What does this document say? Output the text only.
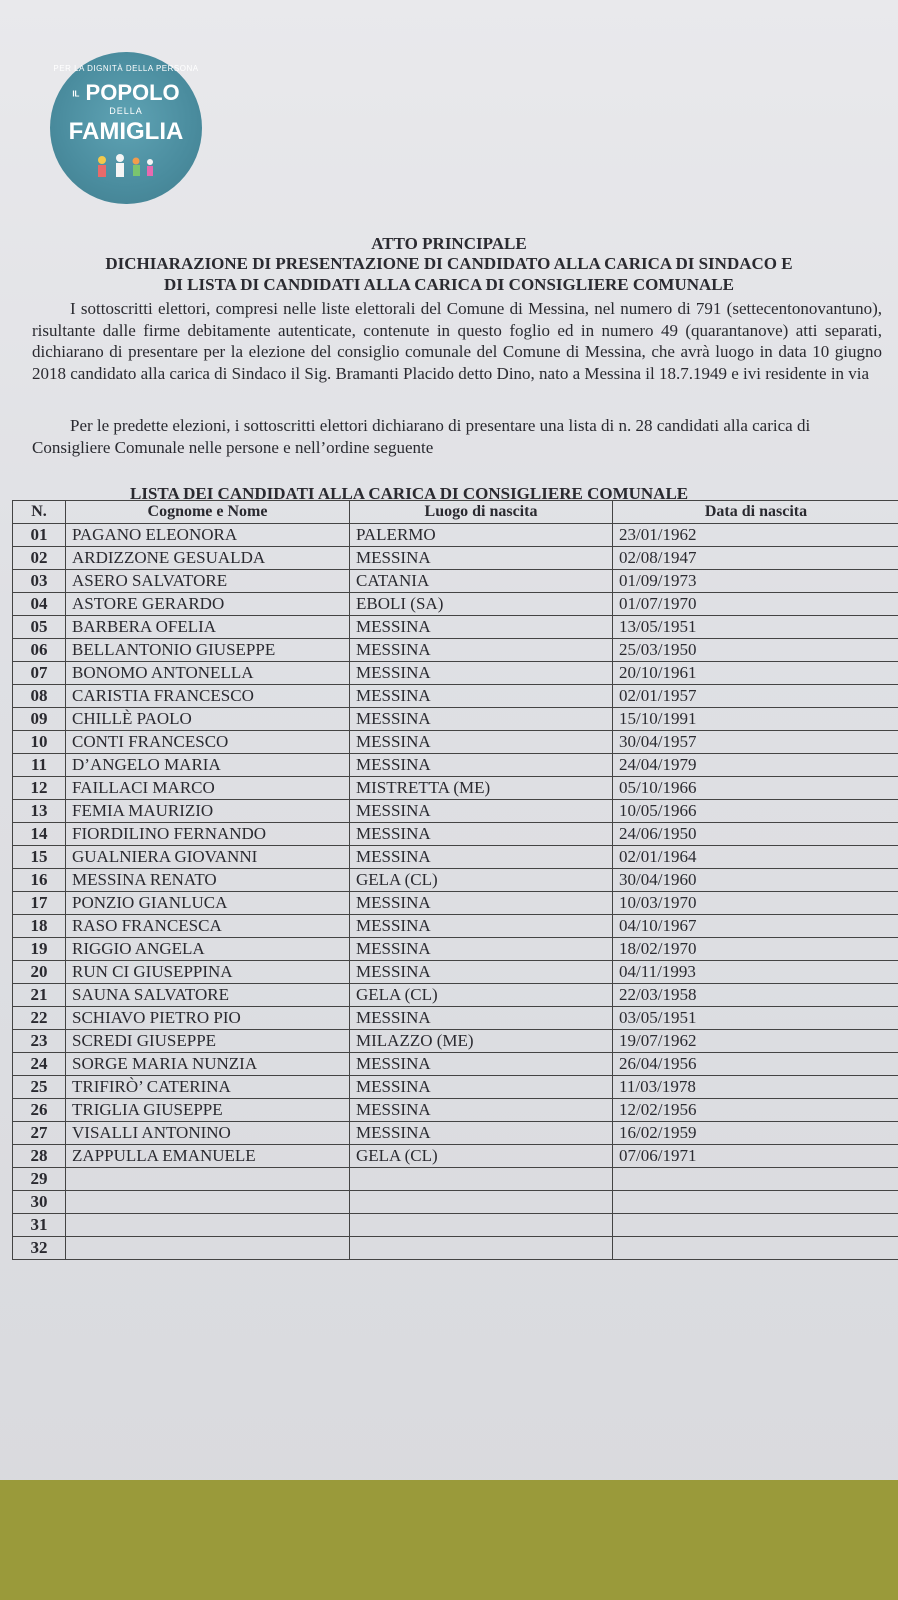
PER LA DIGNITÀ DELLA PERSONA
IL POPOLO
DELLA
FAMIGLIA
ATTO PRINCIPALE
DICHIARAZIONE DI PRESENTAZIONE DI CANDIDATO ALLA CARICA DI SINDACO E
DI LISTA DI CANDIDATI ALLA CARICA DI CONSIGLIERE COMUNALE
I sottoscritti elettori, compresi nelle liste elettorali del Comune di Messina, nel numero di 791 (settecentonovantuno), risultante dalle firme debitamente autenticate, contenute in questo foglio ed in numero 49 (quarantanove) atti separati, dichiarano di presentare per la elezione del consiglio comunale del Comune di Messina, che avrà luogo in data 10 giugno 2018 candidato alla carica di Sindaco il Sig. Bramanti Placido detto Dino, nato a Messina il 18.7.1949 e ivi residente in via
Per le predette elezioni, i sottoscritti elettori dichiarano di presentare una lista di n. 28 candidati alla carica di Consigliere Comunale nelle persone e nell’ordine seguente
LISTA DEI CANDIDATI ALLA CARICA DI CONSIGLIERE COMUNALE
N.	Cognome e Nome	Luogo di nascita	Data di nascita
01	PAGANO ELEONORA	PALERMO	23/01/1962
02	ARDIZZONE GESUALDA	MESSINA	02/08/1947
03	ASERO SALVATORE	CATANIA	01/09/1973
04	ASTORE GERARDO	EBOLI (SA)	01/07/1970
05	BARBERA OFELIA	MESSINA	13/05/1951
06	BELLANTONIO GIUSEPPE	MESSINA	25/03/1950
07	BONOMO ANTONELLA	MESSINA	20/10/1961
08	CARISTIA FRANCESCO	MESSINA	02/01/1957
09	CHILLÈ PAOLO	MESSINA	15/10/1991
10	CONTI FRANCESCO	MESSINA	30/04/1957
11	D’ANGELO MARIA	MESSINA	24/04/1979
12	FAILLACI MARCO	MISTRETTA (ME)	05/10/1966
13	FEMIA MAURIZIO	MESSINA	10/05/1966
14	FIORDILINO FERNANDO	MESSINA	24/06/1950
15	GUALNIERA GIOVANNI	MESSINA	02/01/1964
16	MESSINA RENATO	GELA (CL)	30/04/1960
17	PONZIO GIANLUCA	MESSINA	10/03/1970
18	RASO FRANCESCA	MESSINA	04/10/1967
19	RIGGIO ANGELA	MESSINA	18/02/1970
20	RUN CI GIUSEPPINA	MESSINA	04/11/1993
21	SAUNA SALVATORE	GELA (CL)	22/03/1958
22	SCHIAVO PIETRO PIO	MESSINA	03/05/1951
23	SCREDI GIUSEPPE	MILAZZO (ME)	19/07/1962
24	SORGE MARIA NUNZIA	MESSINA	26/04/1956
25	TRIFIRÒ’ CATERINA	MESSINA	11/03/1978
26	TRIGLIA GIUSEPPE	MESSINA	12/02/1956
27	VISALLI ANTONINO	MESSINA	16/02/1959
28	ZAPPULLA EMANUELE	GELA (CL)	07/06/1971
29			
30			
31			
32			
